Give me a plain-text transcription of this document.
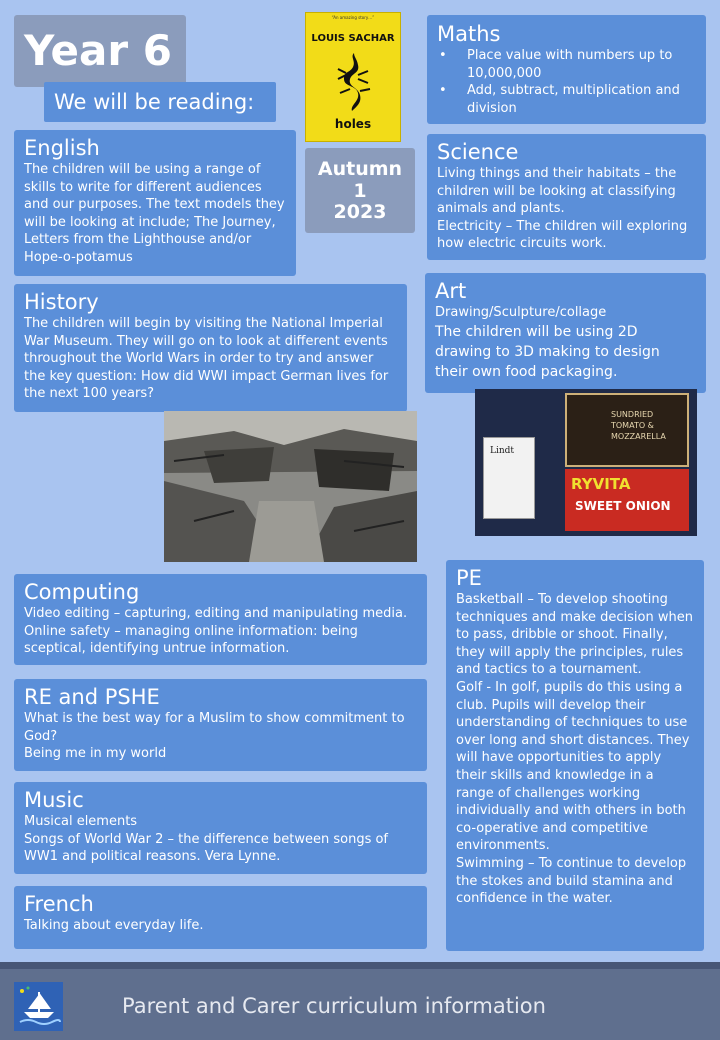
Year 6
We will be reading:
“An amazing story…”
LOUIS SACHAR
holes
Autumn
1
2023
Maths
• Place value with numbers up to 10,000,000
• Add, subtract, multiplication and division
English

The children will be using a range of skills to write for different audiences and our purposes. The text models they will be looking at include; The Journey, Letters from the Lighthouse and/or Hope-o-potamus

Science

Living things and their habitats – the children will be looking at classifying animals and plants.
Electricity – The children will exploring how electric circuits work.

History

The children will begin by visiting the National Imperial War Museum. They will go on to look at different events throughout the World Wars in order to try and answer the key question: How did WWI impact German lives for the next 100 years?

Art

Drawing/Sculpture/collage

The children will be using 2D drawing to 3D making to design their own food packaging.

Lindt
SUNDRIED TOMATO & MOZZARELLA
RYVITA
SWEET ONION
Computing

Video editing – capturing, editing and manipulating media.
Online safety – managing online information: being sceptical, identifying untrue information.

PE

Basketball – To develop shooting techniques and make decision when to pass, dribble or shoot. Finally, they will apply the principles, rules and tactics to a tournament.
Golf - In golf, pupils do this using a club. Pupils will develop their understanding of techniques to use over long and short distances. They will have opportunities to apply their skills and knowledge in a range of challenges working individually and with others in both co-operative and competitive environments.
Swimming – To continue to develop the stokes and build stamina and confidence in the water.

RE and PSHE

What is the best way for a Muslim to show commitment to God?
Being me in my world

Music

Musical elements
Songs of World War 2 – the difference between songs of WW1 and political reasons. Vera Lynne.

French

Talking about everyday life.

Parent and Carer curriculum information
